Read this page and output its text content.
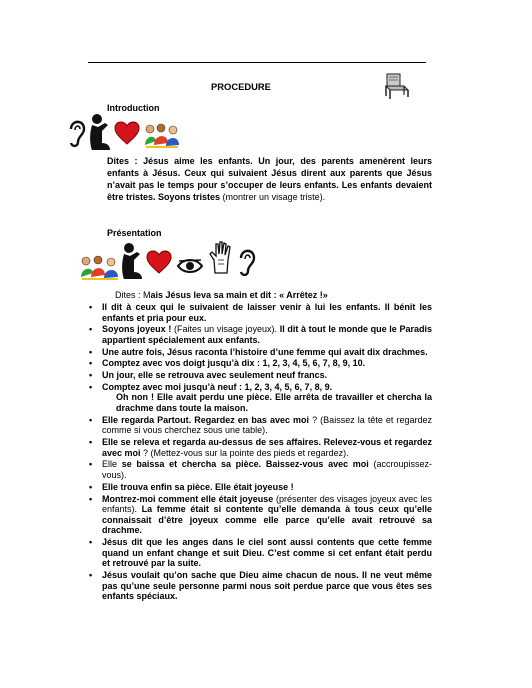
PROCEDURE
Introduction
Dites : Jésus aime les enfants. Un jour, des parents amenèrent leurs enfants à Jésus. Ceux qui suivaient Jésus dirent aux parents que Jésus n’avait pas le temps pour s’occuper de leurs enfants. Les enfants devaient être tristes. Soyons tristes (montrer un visage triste).
Présentation
Dites : Mais Jésus leva sa main et dit : « Arrêtez !»
• Il dit à ceux qui le suivaient de laisser venir à lui les enfants. Il bénit les enfants et pria pour eux.
• Soyons joyeux ! (Faites un visage joyeux). Il dit à tout le monde que le Paradis appartient spécialement aux enfants.
• Une autre fois, Jésus raconta l’histoire d’une femme qui avait dix drachmes.
• Comptez avec vos doigt jusqu’à dix : 1, 2, 3, 4, 5, 6, 7, 8, 9, 10.
• Un jour, elle se retrouva avec seulement neuf francs.
• Comptez avec moi jusqu’à neuf : 1, 2, 3, 4, 5, 6, 7, 8, 9.
Oh non ! Elle avait perdu une pièce. Elle arrêta de travailler et chercha la drachme dans toute la maison.
• Elle regarda Partout. Regardez en bas avec moi ? (Baissez la tête et regardez comme si vous cherchez sous une table).
• Elle se releva et regarda au-dessus de ses affaires. Relevez-vous et regardez avec moi ? (Mettez-vous sur la pointe des pieds et regardez).
• Elle se baissa et chercha sa pièce. Baissez-vous avec moi (accroupissez-vous).
• Elle trouva enfin sa pièce. Elle était joyeuse !
• Montrez-moi comment elle était joyeuse (présenter des visages joyeux avec les enfants). La femme était si contente qu’elle demanda à tous ceux qu’elle connaissait d’être joyeux comme elle parce qu’elle avait retrouvé sa drachme.
• Jésus dit que les anges dans le ciel sont aussi contents que cette femme quand un enfant change et suit Dieu. C’est comme si cet enfant était perdu et retrouvé par la suite.
• Jésus voulait qu’on sache que Dieu aime chacun de nous. Il ne veut même pas qu’une seule personne parmi nous soit perdue parce que vous êtes ses enfants spéciaux.
